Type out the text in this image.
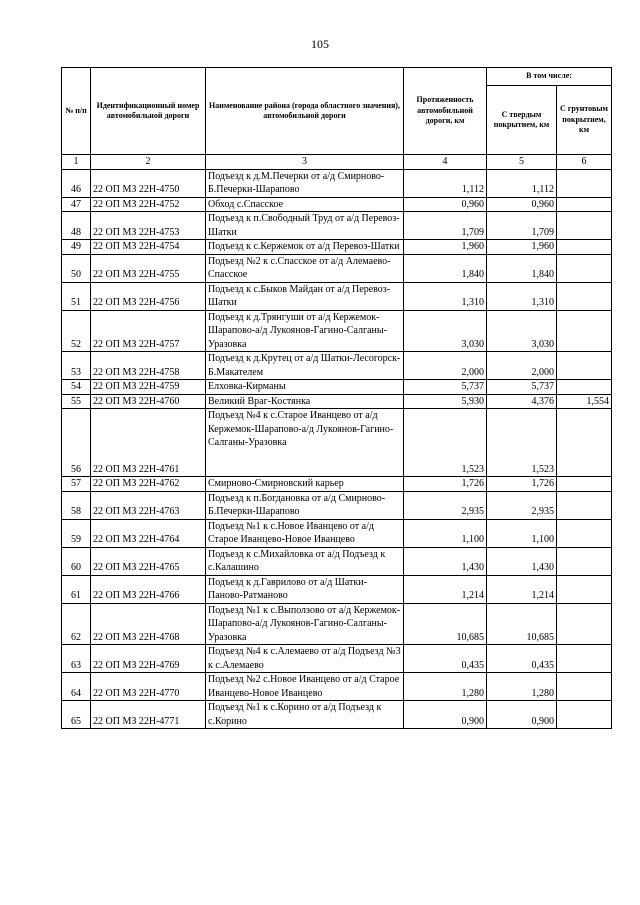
105
№ п/п	Идентификационный номер автомобильной дороги	Наименование района (города областного значения), автомобильной дороги	Протяженность автомобильной дороги, км	В том числе:	
				С твердым покрытием, км	С грунтовым покрытием, км
1	2	3	4	5	6
46	22 ОП МЗ 22Н-4750	Подъезд к д.М.Печерки от а/д Смирново-Б.Печерки-Шарапово	1,112	1,112	
47	22 ОП МЗ 22Н-4752	Обход с.Спасское	0,960	0,960	
48	22 ОП МЗ 22Н-4753	Подъезд к п.Свободный Труд от а/д Перевоз-Шатки	1,709	1,709	
49	22 ОП МЗ 22Н-4754	Подъезд к с.Кержемок от а/д Перевоз-Шатки	1,960	1,960	
50	22 ОП МЗ 22Н-4755	Подъезд №2 к с.Спасское от а/д Алемаево-Спасское	1,840	1,840	
51	22 ОП МЗ 22Н-4756	Подъезд к с.Быков Майдан от а/д Перевоз-Шатки	1,310	1,310	
52	22 ОП МЗ 22Н-4757	Подъезд к д.Трянгуши от а/д Кержемок-Шарапово-а/д Лукоянов-Гагино-Салганы-Уразовка	3,030	3,030	
53	22 ОП МЗ 22Н-4758	Подъезд к д.Крутец от а/д Шатки-Лесогорск-Б.Макателем	2,000	2,000	
54	22 ОП МЗ 22Н-4759	Елховка-Кирманы	5,737	5,737	
55	22 ОП МЗ 22Н-4760	Великий Враг-Костянка	5,930	4,376	1,554
56	22 ОП МЗ 22Н-4761	Подъезд №4 к с.Старое Иванцево от а/д Кержемок-Шарапово-а/д Лукоянов-Гагино-Салганы-Уразовка	1,523	1,523	
57	22 ОП МЗ 22Н-4762	Смирново-Смирновский карьер	1,726	1,726	
58	22 ОП МЗ 22Н-4763	Подъезд к п.Богдановка от а/д Смирново-Б.Печерки-Шарапово	2,935	2,935	
59	22 ОП МЗ 22Н-4764	Подъезд №1 к с.Новое Иванцево от а/д Старое Иванцево-Новое Иванцево	1,100	1,100	
60	22 ОП МЗ 22Н-4765	Подъезд к с.Михайловка от а/д Подъезд к с.Калашино	1,430	1,430	
61	22 ОП МЗ 22Н-4766	Подъезд к д.Гаврилово от а/д Шатки-Паново-Ратманово	1,214	1,214	
62	22 ОП МЗ 22Н-4768	Подъезд №1 к с.Выползово от а/д Кержемок-Шарапово-а/д Лукоянов-Гагино-Салганы-Уразовка	10,685	10,685	
63	22 ОП МЗ 22Н-4769	Подъезд №4 к с.Алемаево от а/д Подъезд №3 к с.Алемаево	0,435	0,435	
64	22 ОП МЗ 22Н-4770	Подъезд №2 с.Новое Иванцево от а/д Старое Иванцево-Новое Иванцево	1,280	1,280	
65	22 ОП МЗ 22Н-4771	Подъезд №1 к с.Корино от а/д Подъезд к с.Корино	0,900	0,900	
